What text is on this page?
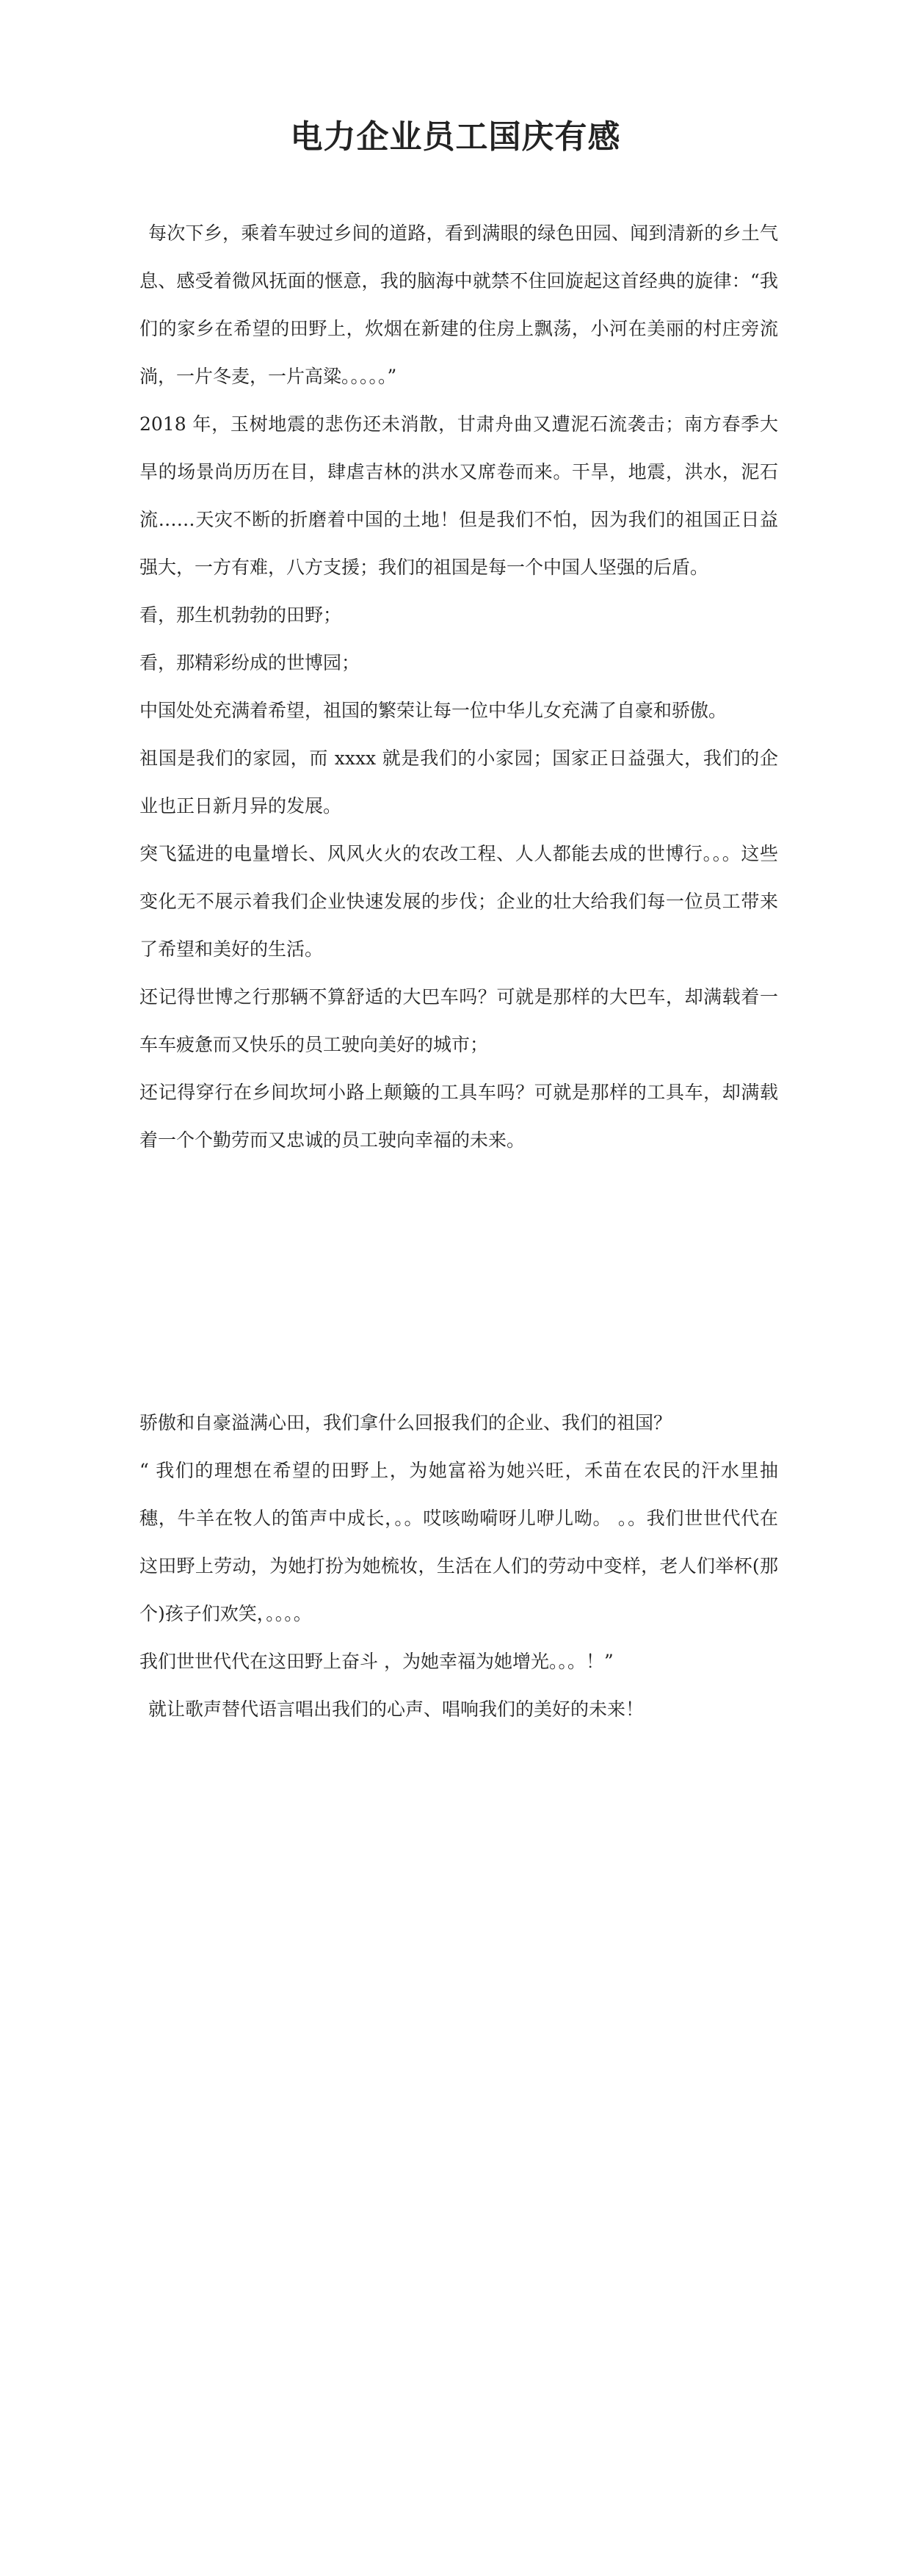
电力企业员工国庆有感

每次下乡，乘着车驶过乡间的道路，看到满眼的绿色田园、闻到清新的乡土气息、感受着微风抚面的惬意，我的脑海中就禁不住回旋起这首经典的旋律：“我们的家乡在希望的田野上，炊烟在新建的住房上飘荡，小河在美丽的村庄旁流淌，一片冬麦，一片高粱。。。。。”

2018 年，玉树地震的悲伤还未消散，甘肃舟曲又遭泥石流袭击；南方春季大旱的场景尚历历在目，肆虐吉林的洪水又席卷而来。干旱，地震，洪水，泥石流……天灾不断的折磨着中国的土地！但是我们不怕，因为我们的祖国正日益强大，一方有难，八方支援；我们的祖国是每一个中国人坚强的后盾。

看，那生机勃勃的田野；

看，那精彩纷成的世博园；

中国处处充满着希望，祖国的繁荣让每一位中华儿女充满了自豪和骄傲。

祖国是我们的家园，而 xxxx 就是我们的小家园；国家正日益强大，我们的企业也正日新月异的发展。

突飞猛进的电量增长、风风火火的农改工程、人人都能去成的世博行。。。这些变化无不展示着我们企业快速发展的步伐；企业的壮大给我们每一位员工带来了希望和美好的生活。

还记得世博之行那辆不算舒适的大巴车吗？可就是那样的大巴车，却满载着一车车疲惫而又快乐的员工驶向美好的城市；

还记得穿行在乡间坎坷小路上颠簸的工具车吗？可就是那样的工具车，却满载着一个个勤劳而又忠诚的员工驶向幸福的未来。

骄傲和自豪溢满心田，我们拿什么回报我们的企业、我们的祖国？

“ 我们的理想在希望的田野上，为她富裕为她兴旺，禾苗在农民的汗水里抽穗，牛羊在牧人的笛声中成长，。。哎咳呦嗬呀儿咿儿呦。 。。我们世世代代在这田野上劳动，为她打扮为她梳妆，生活在人们的劳动中变样，老人们举杯(那个)孩子们欢笑，。。。。

我们世世代代在这田野上奋斗 ，为她幸福为她增光。。。！”

就让歌声替代语言唱出我们的心声、唱响我们的美好的未来！
